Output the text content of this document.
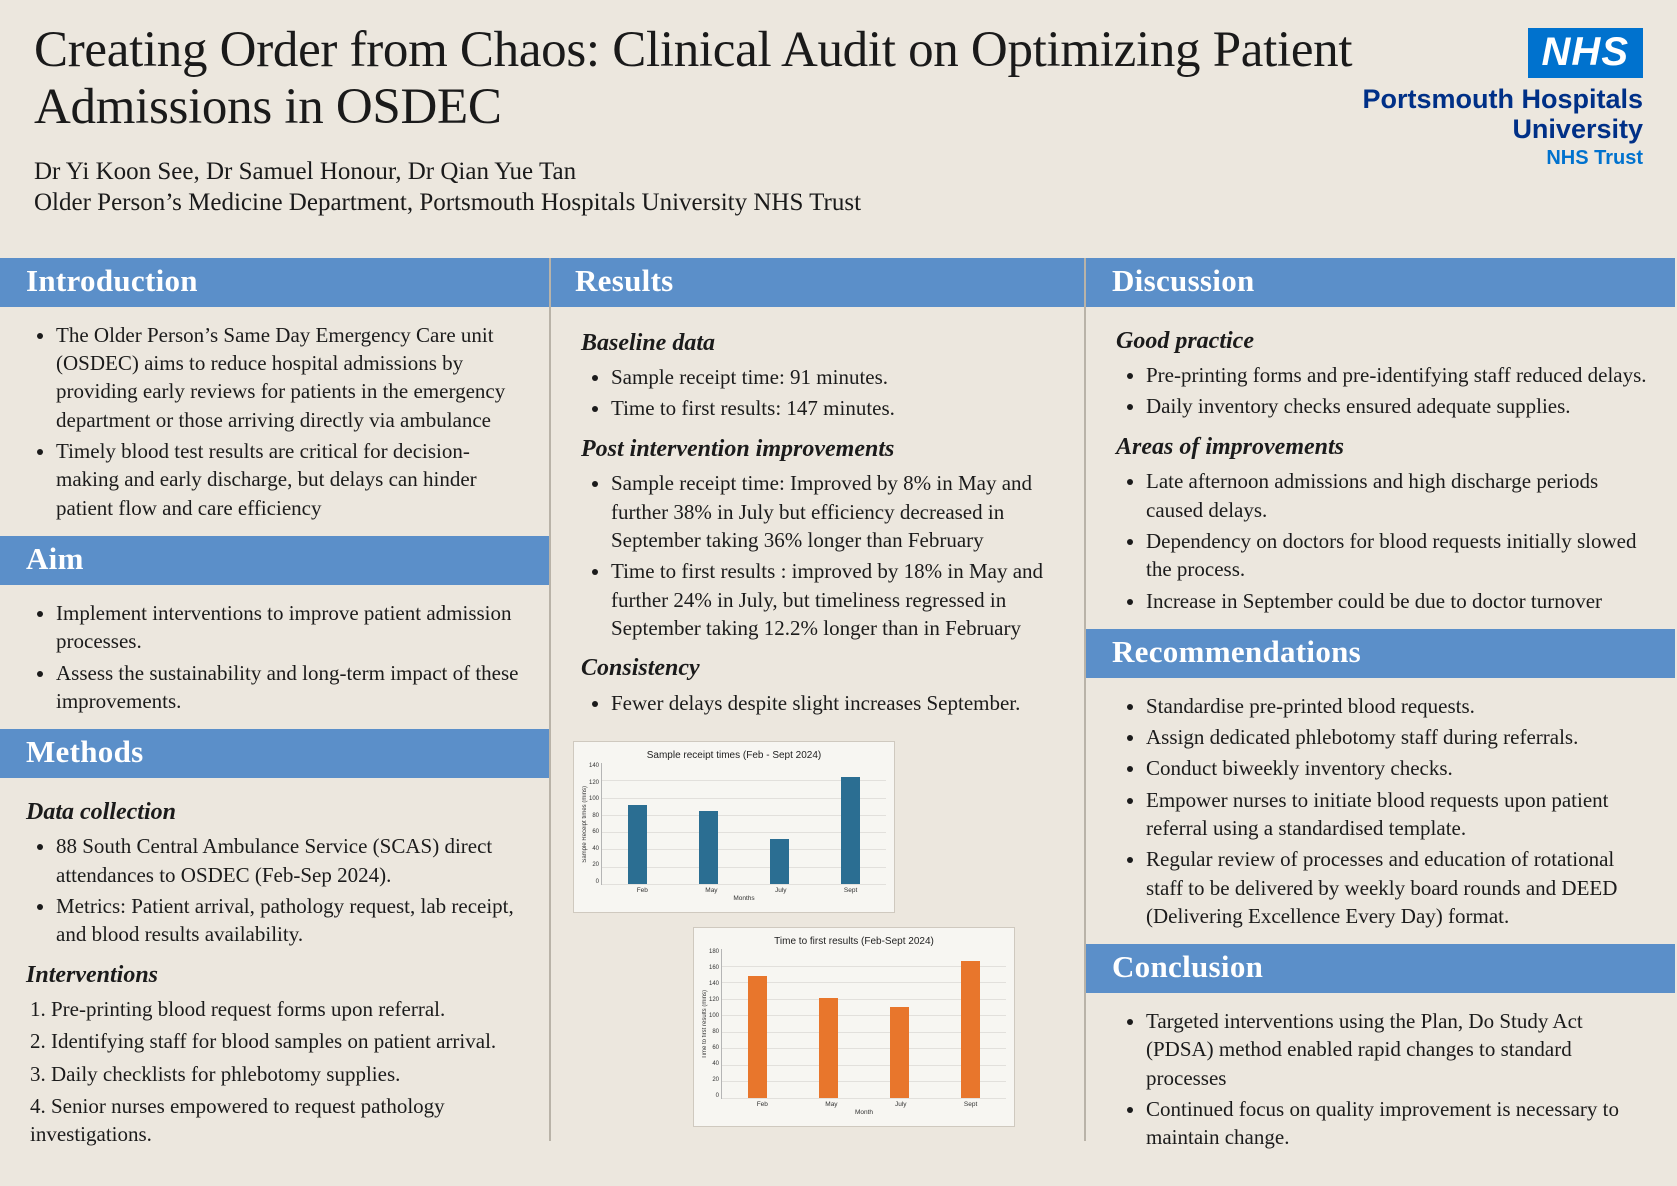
Creating Order from Chaos: Clinical Audit on Optimizing Patient Admissions in OSDEC
Dr Yi Koon See, Dr Samuel Honour, Dr Qian Yue Tan
Older Person’s Medicine Department, Portsmouth Hospitals University NHS Trust
NHS
Portsmouth Hospitals University
NHS Trust
Introduction
• The Older Person’s Same Day Emergency Care unit (OSDEC) aims to reduce hospital admissions by providing early reviews for patients in the emergency department or those arriving directly via ambulance
• Timely blood test results are critical for decision-making and early discharge, but delays can hinder patient flow and care efficiency
Aim
• Implement interventions to improve patient admission processes.
• Assess the sustainability and long-term impact of these improvements.
Methods
Data collection
• 88 South Central Ambulance Service (SCAS) direct attendances to OSDEC (Feb-Sep 2024).
• Metrics: Patient arrival, pathology request, lab receipt, and blood results availability.
Interventions
Pre-printing blood request forms upon referral.
Identifying staff for blood samples on patient arrival.
Daily checklists for phlebotomy supplies.
Senior nurses empowered to request pathology investigations.
Results
Baseline data
• Sample receipt time: 91 minutes.
• Time to first results: 147 minutes.
Post intervention improvements
• Sample receipt time: Improved by 8% in May and further 38% in July but efficiency decreased in September taking 36% longer than February
• Time to first results : improved by 18% in May and further 24% in July, but timeliness regressed in September taking 12.2% longer than in February
Consistency
• Fewer delays despite slight increases September.
Sample receipt times (Feb - Sept 2024)
Sample Receipt times (mins)
140
120
100
80
60
40
20
0
Feb	May	July	Sept
Months
Time to first results (Feb-Sept 2024)
Time to first results (mins)
180
160
140
120
100
80
60
40
20
0
Feb	May	July	Sept
Month
Discussion
Good practice
• Pre-printing forms and pre-identifying staff reduced delays.
• Daily inventory checks ensured adequate supplies.
Areas of improvements
• Late afternoon admissions and high discharge periods caused delays.
• Dependency on doctors for blood requests initially slowed the process.
• Increase in September could be due to doctor turnover
Recommendations
• Standardise pre-printed blood requests.
• Assign dedicated phlebotomy staff during referrals.
• Conduct biweekly inventory checks.
• Empower nurses to initiate blood requests upon patient referral using a standardised template.
• Regular review of processes and education of rotational staff to be delivered by weekly board rounds and DEED (Delivering Excellence Every Day) format.
Conclusion
• Targeted interventions using the Plan, Do Study Act (PDSA) method enabled rapid changes to standard processes
• Continued focus on quality improvement is necessary to maintain change.
